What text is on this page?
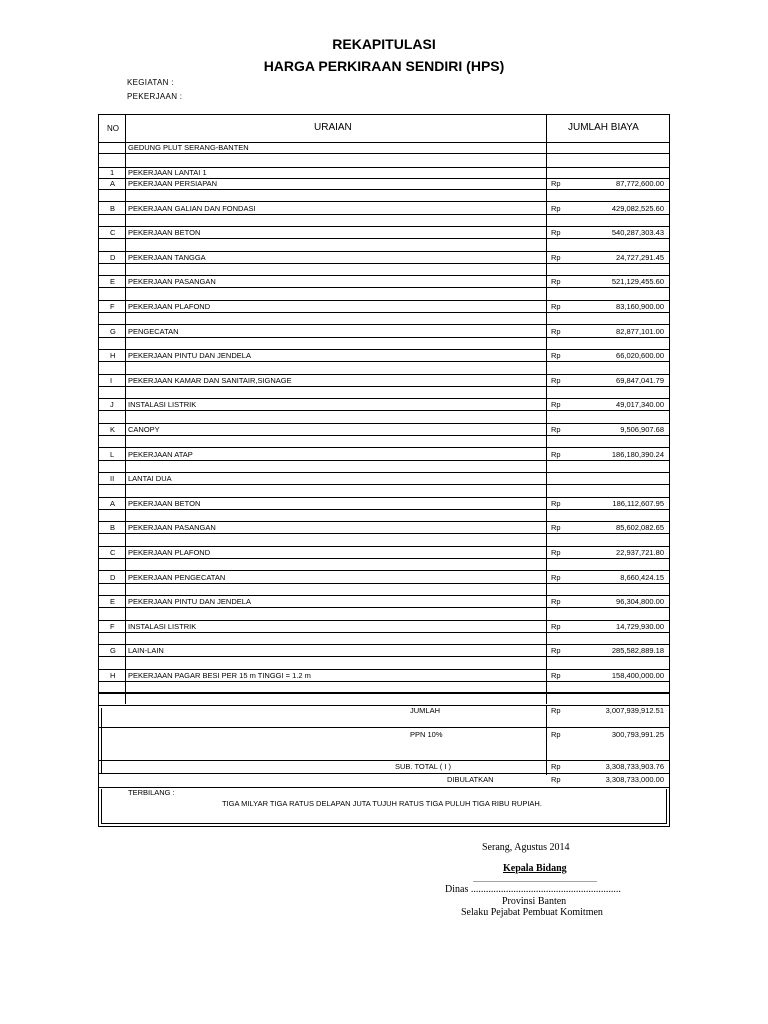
REKAPITULASI
HARGA PERKIRAAN SENDIRI (HPS)
KEGIATAN :
PEKERJAAN :
NO	URAIAN	JUMLAH BIAYA
GEDUNG PLUT SERANG-BANTEN
1 PEKERJAAN LANTAI 1
A PEKERJAAN PERSIAPAN	Rp	87,772,600.00
B PEKERJAAN GALIAN DAN FONDASI	Rp	429,082,525.60
C PEKERJAAN BETON	Rp	540,287,303.43
D PEKERJAAN TANGGA	Rp	24,727,291.45
E PEKERJAAN PASANGAN	Rp	521,129,455.60
F PEKERJAAN PLAFOND	Rp	83,160,900.00
G PENGECATAN	Rp	82,877,101.00
H PEKERJAAN PINTU DAN JENDELA	Rp	66,020,600.00
I PEKERJAAN KAMAR DAN SANITAIR,SIGNAGE	Rp	69,847,041.79
J INSTALASI LISTRIK	Rp	49,017,340.00
K CANOPY	Rp	9,506,907.68
L PEKERJAAN ATAP	Rp	186,180,390.24
II LANTAI DUA
A PEKERJAAN BETON	Rp	186,112,607.95
B PEKERJAAN PASANGAN	Rp	85,602,082.65
C PEKERJAAN PLAFOND	Rp	22,937,721.80
D PEKERJAAN PENGECATAN	Rp	8,660,424.15
E PEKERJAAN PINTU DAN JENDELA	Rp	96,304,800.00
F INSTALASI LISTRIK	Rp	14,729,930.00
G LAIN-LAIN	Rp	285,582,889.18
H PEKERJAAN PAGAR BESI PER 15 m TINGGI = 1.2 m	Rp	158,400,000.00
JUMLAH	Rp	3,007,939,912.51
PPN 10%	Rp	300,793,991.25
SUB. TOTAL ( I )	Rp	3,308,733,903.76
DIBULATKAN	Rp	3,308,733,000.00
TERBILANG :
TIGA MILYAR TIGA RATUS DELAPAN JUTA TUJUH RATUS TIGA PULUH TIGA RIBU RUPIAH.
Serang, Agustus 2014
Kepala Bidang
..............................................................
Dinas ............................................................
Provinsi Banten
Selaku Pejabat Pembuat Komitmen
